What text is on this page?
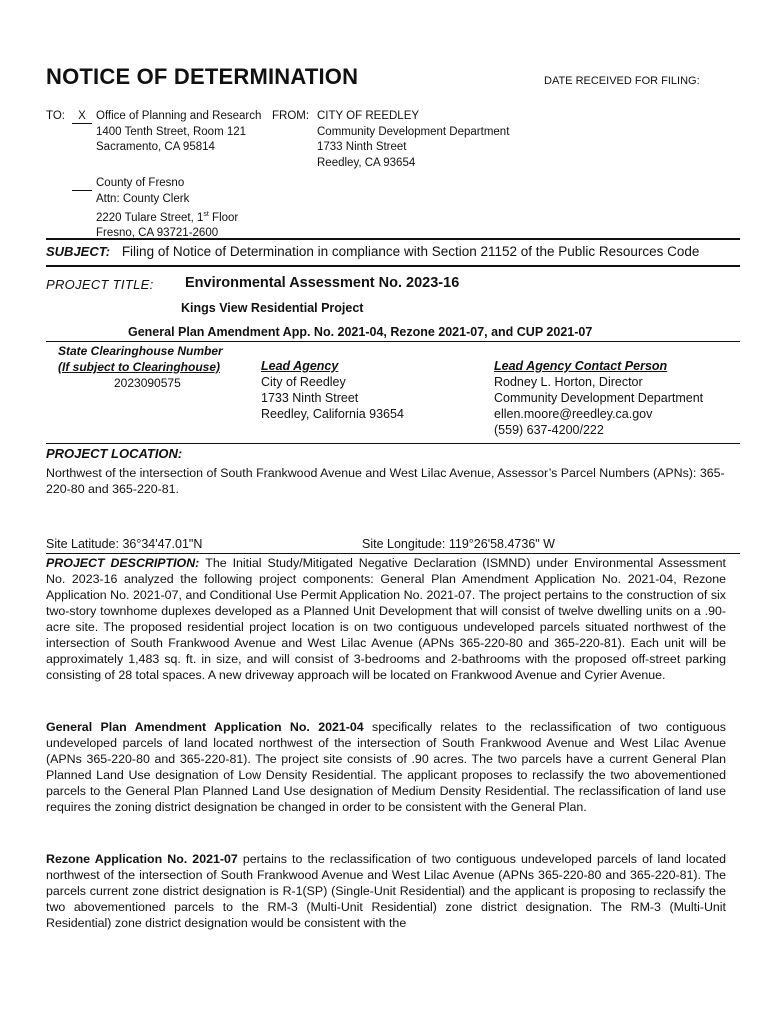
NOTICE OF DETERMINATION	DATE RECEIVED FOR FILING:
TO:	X Office of Planning and Research
1400 Tenth Street, Room 121
Sacramento, CA 95814
County of Fresno
Attn: County Clerk
2220 Tulare Street, 1st Floor
Fresno, CA 93721-2600
FROM: CITY OF REEDLEY
Community Development Department
1733 Ninth Street
Reedley, CA 93654
SUBJECT: Filing of Notice of Determination in compliance with Section 21152 of the Public Resources Code
PROJECT TITLE: Environmental Assessment No. 2023-16
Kings View Residential Project
General Plan Amendment App. No. 2021-04, Rezone 2021-07, and CUP 2021-07
State Clearinghouse Number
(If subject to Clearinghouse)
2023090575
Lead Agency
City of Reedley
1733 Ninth Street
Reedley, California 93654
Lead Agency Contact Person
Rodney L. Horton, Director
Community Development Department
ellen.moore@reedley.ca.gov
(559) 637-4200/222
PROJECT LOCATION:
Northwest of the intersection of South Frankwood Avenue and West Lilac Avenue, Assessor’s Parcel Numbers (APNs): 365-220-80 and 365-220-81.
Site Latitude: 36°34'47.01"N	Site Longitude: 119°26'58.4736" W
PROJECT DESCRIPTION: The Initial Study/Mitigated Negative Declaration (ISMND) under Environmental Assessment No. 2023-16 analyzed the following project components: General Plan Amendment Application No. 2021-04, Rezone Application No. 2021-07, and Conditional Use Permit Application No. 2021-07. The project pertains to the construction of six two-story townhome duplexes developed as a Planned Unit Development that will consist of twelve dwelling units on a .90-acre site. The proposed residential project location is on two contiguous undeveloped parcels situated northwest of the intersection of South Frankwood Avenue and West Lilac Avenue (APNs 365-220-80 and 365-220-81). Each unit will be approximately 1,483 sq. ft. in size, and will consist of 3-bedrooms and 2-bathrooms with the proposed off-street parking consisting of 28 total spaces. A new driveway approach will be located on Frankwood Avenue and Cyrier Avenue.
General Plan Amendment Application No. 2021-04 specifically relates to the reclassification of two contiguous undeveloped parcels of land located northwest of the intersection of South Frankwood Avenue and West Lilac Avenue (APNs 365-220-80 and 365-220-81). The project site consists of .90 acres. The two parcels have a current General Plan Planned Land Use designation of Low Density Residential. The applicant proposes to reclassify the two abovementioned parcels to the General Plan Planned Land Use designation of Medium Density Residential. The reclassification of land use requires the zoning district designation be changed in order to be consistent with the General Plan.
Rezone Application No. 2021-07 pertains to the reclassification of two contiguous undeveloped parcels of land located northwest of the intersection of South Frankwood Avenue and West Lilac Avenue (APNs 365-220-80 and 365-220-81). The parcels current zone district designation is R-1(SP) (Single-Unit Residential) and the applicant is proposing to reclassify the two abovementioned parcels to the RM-3 (Multi-Unit Residential) zone district designation. The RM-3 (Multi-Unit Residential) zone district designation would be consistent with the
